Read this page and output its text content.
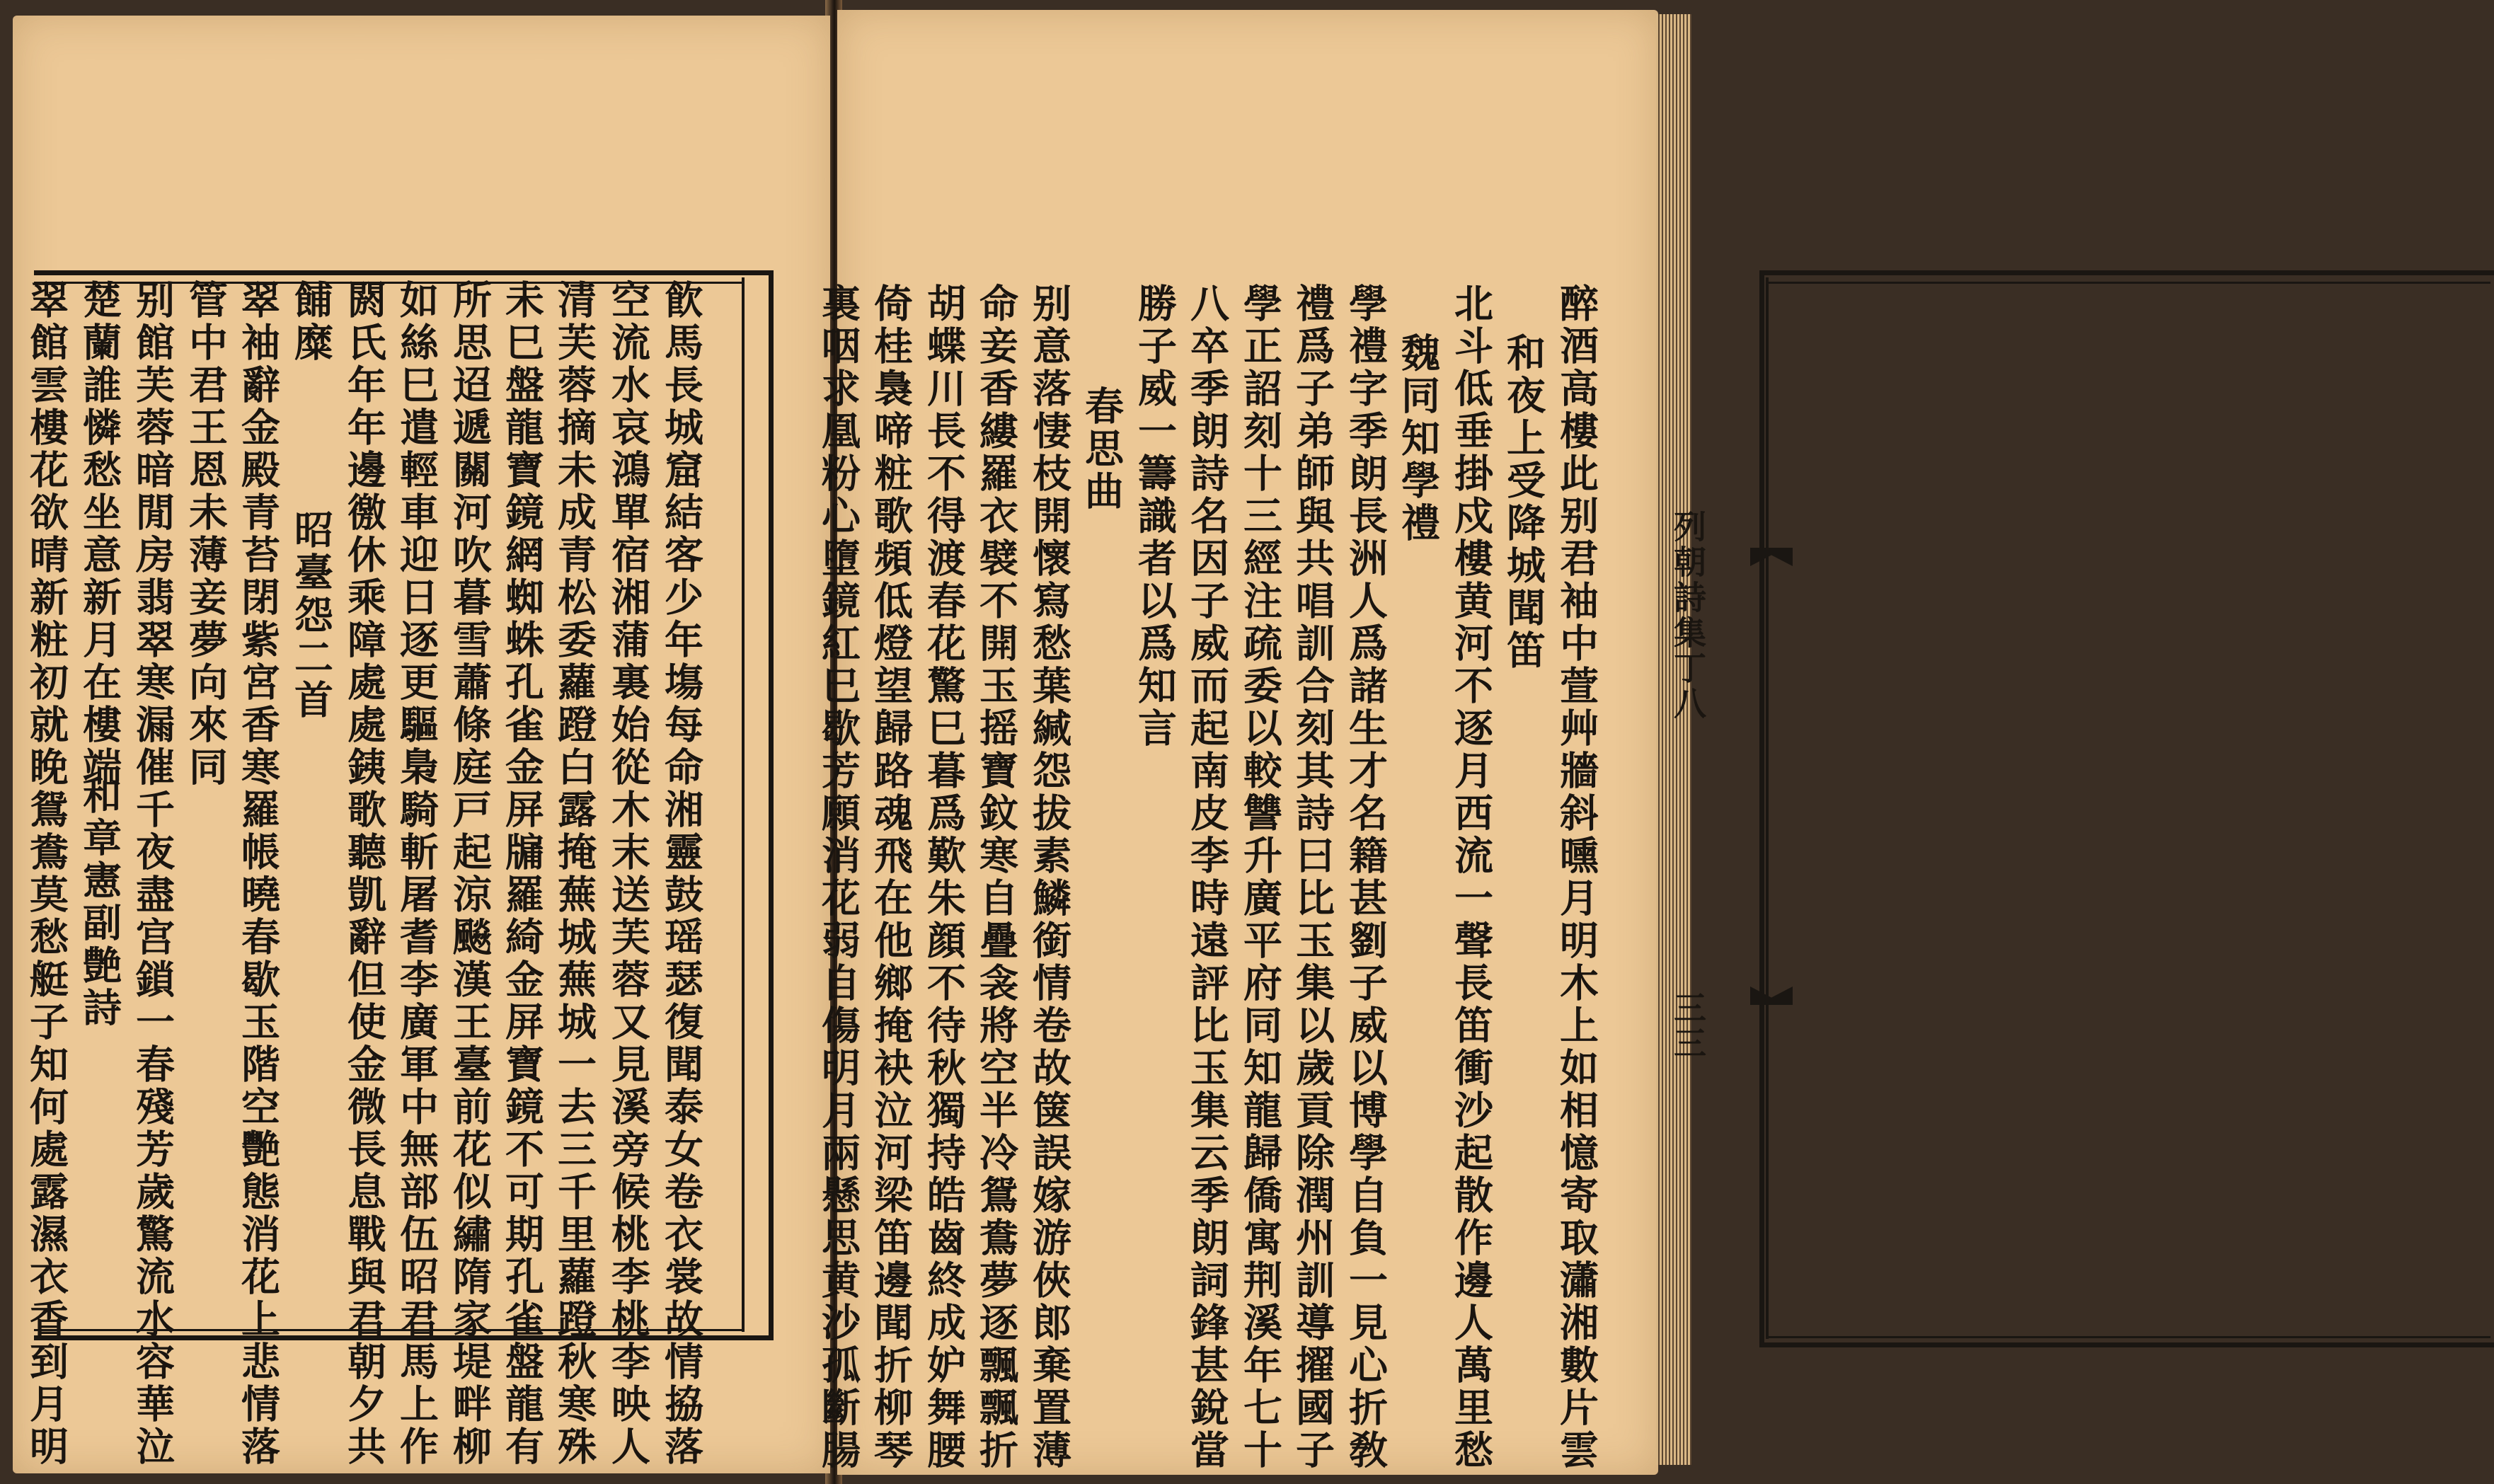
飮馬長城窟結客少年塲每命湘靈鼓瑶瑟復聞泰女卷衣裳故情拹落
空流水哀鴻單宿湘蒲裏始從木末送芙蓉又見溪旁候桃李桃李映人
清芙蓉摘未成青松委蘿蹬白露掩蕪城蕪城一去三千里蘿蹬秋寒殊
未巳盤龍寶鏡網蜘蛛孔雀金屏牖羅綺金屏寶鏡不可期孔雀盤龍有
所思迢遞關河吹暮雪蕭條庭戸起涼飈漢王臺前花似繡隋家堤畔柳
如絲巳遣輕車迎日逐更驅梟騎斬屠耆李廣軍中無部伍昭君馬上作
閼氏年年邊徼休乘障處處銕歌聽凱辭但使金微長息戰與君朝夕共
餔糜
昭臺怨二首
翠袖辭金殿青苔閉紫宮香寒羅帳曉春歇玉階空艷態消花上悲情落
管中君王恩未薄妾夢向來同
别館芙蓉暗閒房翡翠寒漏催千夜盡宫鎖一春殘芳歲驚流水容華泣
楚蘭誰憐愁坐意新月在樓端
和章憲副艶詩
翠館雲樓花欲晴新粧初就睌鴛鴦莫愁艇子知何處露濕衣香到月明	醉酒高樓此别君袖中萱艸牆斜曛月明木上如相憶寄取瀟湘數片雲
和夜上受降城聞笛
北斗低垂掛戍樓黄河不逐月西流一聲長笛衝沙起散作邊人萬里愁
魏同知學禮
學禮字季朗長洲人爲諸生才名籍甚劉子威以博學自負一見心折敎
禮爲子弟師與共唱訓合刻其詩曰比玉集以歲貢除潤州訓導擢國子
學正詔刻十三經注疏委以較讐升廣平府同知龍歸僑寓荆溪年七十
八卒季朗詩名因子威而起南皮李時遠評比玉集云季朗詞鋒甚銳當
勝子威一籌識者以爲知言
春思曲
别意落悽枝開懷寫愁葉緘怨拔素鱗銜情卷故箧誤嫁游俠郎棄置薄
命妾香縷羅衣襞不開玉摇寶鈫寒自疊衾將空半冷鴛鴦夢逐飄飄折
胡蝶川長不得渡春花驚巳暮爲歎朱顔不待秋獨持皓齒終成妒舞腰
倚桂裊啼粧歌頻低燈望歸路魂飛在他鄉掩袂泣河梁笛邊聞折柳琴
裏咽求凰粉心墮鏡紅巳歇芳願消花弱自傷明月兩懸思黄沙孤斷腸	列朝詩集丁八
三三
